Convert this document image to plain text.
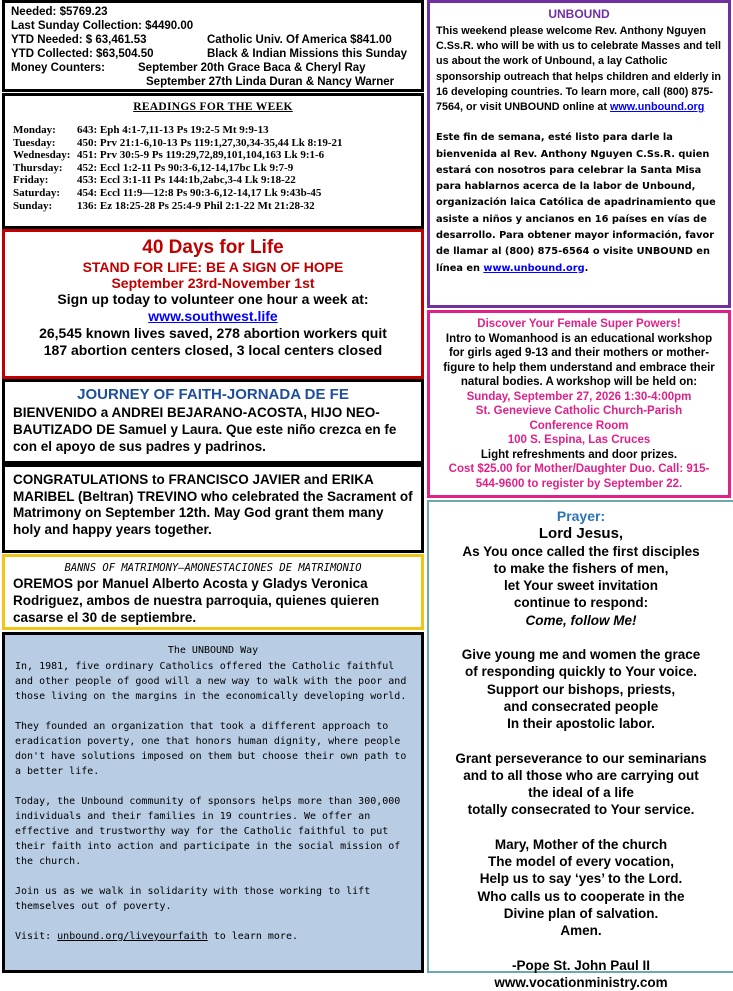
Needed: $5769.23
Last Sunday Collection: $4490.00
YTD Needed: $ 63,461.53	Catholic Univ. Of America $841.00
YTD Collected: $63,504.50	Black & Indian Missions this Sunday
Money Counters:	September 20th Grace Baca & Cheryl Ray
September 27th Linda Duran & Nancy Warner
READINGS FOR THE WEEK
Monday:	643: Eph 4:1-7,11-13 Ps 19:2-5 Mt 9:9-13
Tuesday:	450: Prv 21:1-6,10-13 Ps 119:1,27,30,34-35,44 Lk 8:19-21
Wednesday: 451: Prv 30:5-9 Ps 119:29,72,89,101,104,163 Lk 9:1-6
Thursday:	452: Eccl 1:2-11 Ps 90:3-6,12-14,17bc Lk 9:7-9
Friday:	453: Eccl 3:1-11 Ps 144:1b,2abc,3-4 Lk 9:18-22
Saturday:	454: Eccl 11:9—12:8 Ps 90:3-6,12-14,17 Lk 9:43b-45
Sunday:	136: Ez 18:25-28 Ps 25:4-9 Phil 2:1-22 Mt 21:28-32
40 Days for Life
STAND FOR LIFE: BE A SIGN OF HOPE
September 23rd-November 1st
Sign up today to volunteer one hour a week at:
www.southwest.life
26,545 known lives saved, 278 abortion workers quit
187 abortion centers closed, 3 local centers closed
JOURNEY OF FAITH-JORNADA DE FE
BIENVENIDO a ANDREI BEJARANO-ACOSTA, HIJO NEO-BAUTIZADO DE Samuel y Laura. Que este niño crezca en fe con el apoyo de sus padres y padrinos.
CONGRATULATIONS to FRANCISCO JAVIER and ERIKA MARIBEL (Beltran) TREVINO who celebrated the Sacrament of Matrimony on September 12th. May God grant them many holy and happy years together.
BANNS OF MATRIMONY—AMONESTACIONES DE MATRIMONIO
OREMOS por Manuel Alberto Acosta y Gladys Veronica Rodriguez, ambos de nuestra parroquia, quienes quieren casarse el 30 de septiembre.
The UNBOUND Way

In, 1981, five ordinary Catholics offered the Catholic faithful and other people of good will a new way to walk with the poor and those living on the margins in the economically developing world.

They founded an organization that took a different approach to eradication poverty, one that honors human dignity, where people don't have solutions imposed on them but choose their own path to a better life.

Today, the Unbound community of sponsors helps more than 300,000 individuals and their families in 19 countries. We offer an effective and trustworthy way for the Catholic faithful to put their faith into action and participate in the social mission of the church.

Join us as we walk in solidarity with those working to lift themselves out of poverty.

Visit: unbound.org/liveyourfaith to learn more.

UNBOUND

This weekend please welcome Rev. Anthony Nguyen C.Ss.R. who will be with us to celebrate Masses and tell us about the work of Unbound, a lay Catholic sponsorship outreach that helps children and elderly in 16 developing countries. To learn more, call (800) 875-7564, or visit UNBOUND online at www.unbound.org

Este fin de semana, esté listo para darle la bienvenida al Rev. Anthony Nguyen C.Ss.R. quien estará con nosotros para celebrar la Santa Misa para hablarnos acerca de la labor de Unbound, organización laica Católica de apadrinamiento que asiste a niños y ancianos en 16 países en vías de desarrollo. Para obtener mayor información, favor de llamar al (800) 875-6564 o visite UNBOUND en línea en www.unbound.org.

Discover Your Female Super Powers!
Intro to Womanhood is an educational workshop for girls aged 9-13 and their mothers or mother-figure to help them understand and embrace their natural bodies. A workshop will be held on:
Sunday, September 27, 2026 1:30-4:00pm
St. Genevieve Catholic Church-Parish
Conference Room
100 S. Espina, Las Cruces
Light refreshments and door prizes.
Cost $25.00 for Mother/Daughter Duo. Call: 915-544-9600 to register by September 22.
Prayer:
Lord Jesus,
As You once called the first disciples
to make the fishers of men,
let Your sweet invitation
continue to respond:
Come, follow Me!
Give young me and women the grace
of responding quickly to Your voice.
Support our bishops, priests,
and consecrated people
In their apostolic labor.
Grant perseverance to our seminarians
and to all those who are carrying out
the ideal of a life
totally consecrated to Your service.
Mary, Mother of the church
The model of every vocation,
Help us to say ‘yes’ to the Lord.
Who calls us to cooperate in the
Divine plan of salvation.
Amen.
-Pope St. John Paul II
www.vocationministry.com
